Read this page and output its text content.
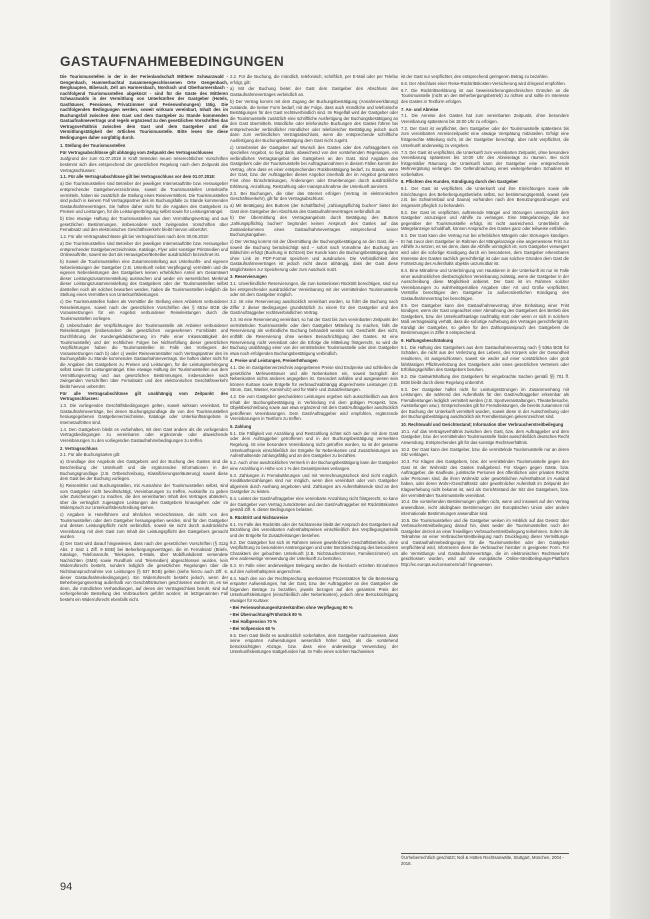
GASTAUFNAHMEBEDINGUNGEN

Die Tourismusstellen in der in der Ferienlandschaft Mittlerer Schwarzwald - Gengenbach, Hammerbachtal zusammengeschlossenen Orte Gengenbach, Berghaupten, Biberach, Zell am Harmersbach, Nordrach und Oberharmersbach - nachfolgend Tourismusstellen abgekürzt - sind für die Gäste des Mittleren Schwarzwalds in der Vermittlung von Unterkünften der Gastgeber (Hotels, Gasthäuser, Pensionen, Privatzimmer und Ferienwohnungen) tätig. Die nachfolgenden Bedingungen werden, soweit wirksam vereinbart, Inhalt des im Buchungsfall zwischen dem Gast und dem Gastgeber zu Stande kommenden Gastaufnahmevertrags und regeln ergänzend zu den gesetzlichen Vorschriften das Vertragsverhältnis zwischen dem Gast und dem Gastgeber und die Vermittlungstätigkeit der örtlichen Tourismusstelle. Bitte lesen Sie diese Bedingungen daher sorgfältig durch.

1. Stellung der Tourismusstellen

Für Vertragsabschlüsse gilt abhängig vom Zeitpunkt des Vertragsschlusses

Juafgrund der zum 01.07.2018 in Kraft tretenden neuen reiserechtlichen Vorschriften bestimmt sich dies entsprechend der gesetzlichen Regelung nach dem Zeitpunkt des Vertragsschlusses:

1.1. Für alle Vertragsabschlüsse gilt bei Vertragsschluss vor dem 01.07.2018:

a) Die Tourismusstellen sind Betreiber der jeweiligen Internetauftritte bzw. Herausgeber entsprechender Gastgeberverzeichnisse, soweit die Tourismusstellen Unterkünfte vermitteln, haben sie zusätzlich die Stellung eines Reisevermittlers. Die Tourismusstellen sind jedoch in keinem Fall Vertragspartner des im Buchungsfalle zu Stande kommenden Gastaufnahmevertrages. Sie haften daher nicht für die Angaben des Gastgebers zu Preisen und Leistungen, für die Leistungserbringung selbst sowie für Leistungsmängel.

b) Eine etwaige Haftung der Tourismusstellen aus dem Vermittlungsvertrag und aus gesetzlichen Bestimmungen, insbesondere nach zwingenden Vorschriften über Fernabsatz und den elektronischen Geschäftsverkehr bleibt hiervon unberührt.

1.2. Für alle Vertragsabschlüsse gilt bei Vertragsschluss nach dem 30.06.2018:

a) Die Tourismusstellen sind Betreiber der jeweiligen Internetauftritte bzw. Herausgeber entsprechender Gastgeberverzeichnisse, Kataloge, Flyer oder sonstiger Printmedien und Onlineauftritte, soweit sie dort als Herausgeber/Betreiber ausdrücklich bezeichnet ist.

b) Soweit die Tourismusstellen eine Zusammenstellung aus Unterkunfts- und eigenen Nebenleistungen der Gastgeber (z.B. Unterkunft nebst Verpflegung) vermitteln und die eigenen Nebenleistungen des Gastgebers keinen erheblichen Anteil am Gesamtwert dieser Leistungszusammenstellung ausmachen und weder ein wesentliches Merkmal dieser Leistungszusammenstellung des Gastgebers oder der Tourismusstellen selbst darstellen noch als solches beworben werden, haben die Tourismusstellen lediglich die Stellung eines Vermittlers von Unterkunftsleistungen.

c) Die Tourismusstellen haben als Vermittler die Stellung eines Anbieters verbundener Reiseleistungen, soweit nach der gesetzlichen Vorschriften des § 651w BGB die Voraussetzungen für ein Angebot verbundener Reiseleistungen durch die Tourismusstellen vorliegen.

d) Unbeschadet der Verpflichtungen der Tourismusstelle als Anbieter verbundener Reiseleistungen (insbesondere die gesetzlichen vorgesehenen Formblatts und Durchführung der Kundengeldabsicherung im Falle einer Inkassotätigkeit der Tourismusstelle) und der rechtlichen Folgen bei Nichterfüllung dieser gesetzlichen Verpflichtungen haben die Tourismusstellen im Falle des Vorliegens der Voraussetzungen nach b) oder c) weder Reiseveranstalter noch Vertragspartner des im Buchungsfalle zu Stande kommenden Gastaufnahmevertrags. Sie haften daher nicht für die Angaben des Gastgebers zu Preisen und Leistungen, für die Leistungserbringung selbst sowie für Leistungsmängel. Eine etwaige Haftung der Tourismusstellen aus dem Vermittlungsvertrag und aus gesetzlichen Bestimmungen, insbesondere nach zwingenden Vorschriften über Fernabsatz und den elektronischen Geschäftsverkehr bleibt hiervon unberührt.

Für alle Vertragsabschlüsse gilt unabhängig vom Zeitpunkt des Vertragsschlusses:

1.3. Die vorliegenden Geschäftsbedingungen gelten, soweit wirksam vereinbart, für Gastaufnahmeverträge, bei denen Buchungsgrundlage die von den Tourismusstellen herausgegebenen Gastgeberverzeichnisse, Kataloge oder Unterkunftsangebote in Internetauftritten sind.

1.4. Den Gastgebern bleibt es vorbehalten, mit dem Gast andere als die vorliegenden Vertragsbedingungen zu vereinbaren oder ergänzende oder abweichende Vereinbarungen zu den vorliegenden Gastaufnahmebedingungen zu treffen.

2. Vertragsschluss

2.1. Für alle Buchungsarten gilt:

a) Grundlage des Angebots des Gastgebers und der Buchung des Gastes sind die Beschreibung der Unterkunft und die ergänzenden Informationen in der Buchungsgrundlage (z.B. Ortbeschreibung, Klassifizierungserläuterung) soweit diese dem Gast bei der Buchung vorliegen.

b) Reisemittler und Buchungsstellen, mit Ausnahme der Tourismusstellen selbst, sind vom Gastgeber nicht bevollmächtigt, Vereinbarungen zu treffen, Auskünfte zu geben oder Zusicherungen zu machen, die den vereinbarten Inhalt des Vertrages abändern, über die vertraglich zugesagten Leistungen des Gastgebers hinausgehen oder im Widerspruch zur Unterkunftsbeschreibung stehen.

c) Angaben in Hotelführern und ähnlichen Verzeichnissen, die nicht von den Tourismusstellen oder dem Gastgeber herausgegeben werden, sind für den Gastgeber und dessen Leistungspflicht nicht verbindlich, soweit sie nicht durch ausdrückliche Vereinbarung mit dem Gast zum Inhalt der Leistungspflicht des Gastgebers gemacht wurden.

d) Der Gast wird darauf hingewiesen, dass nach den gesetzlichen Vorschriften (§ 312g Abs. 2 Satz 1 Ziff. 9 BGB) bei Beherbergungsverträgen, die im Fernabsatz (Briefe, Kataloge, Telefonanrufe, Telekopien, E-Mails, über Mobilfunkdienst versendete Nachrichten (SMS) sowie Rundfunk und Telemedien) abgeschlossen wurden, kein Widerrufsrecht besteht, sondern lediglich die gesetzlichen Regelungen über die Nichtinanspruchnahme von Leistungen (§ 537 BGB) gelten (siehe hierzu auch Ziff. 6. dieser Gastaufnahmebedingungen). Ein Widerrufsrecht besteht jedoch, wenn der Beherbergungsvertrag außerhalb von Geschäftsräumen geschlossen worden ist, es sei denn, die mündlichen Verhandlungen, auf denen der Vertragsschluss beruht, sind auf vorhergehende Bestellung des Verbrauchers geführt worden; im letztgenannten Fall besteht ein Widerrufsrecht ebenfalls nicht.

2.2. Für die Buchung, die mündlich, telefonisch, schriftlich, per E-Mail oder per Telefax erfolgt, gilt:

a) Mit der Buchung bietet der Gast dem Gastgeber den Abschluss des Gastaufnahmevertrages verbindlich an.

b) Der Vertrag kommt mit dem Zugang der Buchungsbestätigung (Annahmeerklärung) zustande, die keiner Form bedarf, mit der Folge, dass auch mündliche und telefonische Bestätigungen für den Gast rechtsverbindlich sind. Im Regelfall wird der Gastgeber oder die Tourismusstelle zusätzlich eine schriftliche Ausfertigung der Buchungsbestätigung an den Gast übermitteln. Mündliche oder telefonische Buchungen des Gastes führen bei entsprechender verbindlicher mündlicher oder telefonischer Bestätigung jedoch auch dann zum verbindlichen Vertragsabschluss, wenn die entsprechende schriftliche Ausfertigung der Buchungsbestätigung dem Gast nicht zugeht.

c) Unterbreitet der Gastgeber auf Wunsch des Gastes oder des Auftraggebers ein spezielles Angebot, so liegt darin, abweichend von den vorstehenden Regelungen, ein verbindliches Vertragsangebot des Gastgebers an den Gast. Sind Angaben des Gastgebers oder der Tourismusstelle bei Auftragsannahmen in diesem Fällen kommt der Vertrag, ohne dass es einer entsprechenden Rückbestätigung bedarf, zu Stande, wenn der Gast, bzw. der Auftraggeber dieses Angebot innerhalb der im Angebot genannten Frist ohne Einschränkungen, Änderungen oder Erweiterungen durch ausdrückliche Erklärung, Anzahlung, Restzahlung oder Inanspruchnahme der Unterkunft annimmt.

2.3. Bei Buchungen, die über das Internet erfolgen (Vertrag im elektronischen Geschäftsverkehr), gilt für den Vertragsabschluss:

a) Mit Betätigung des Buttons (der Schaltfläche) „zahlungspflichtig buchen“ bietet der Gast dem Gastgeber den Abschluss des Gastaufnahmevertrages verbindlich an.

b) Der Übermittlung des Vertragsangebots durch Betätigung des Buttons „zahlungspflichtig buchen“ begründet keinen Anspruch des Gastes auf das Zustandekommen eines Gastaufnahmevertrages entsprechend seiner Buchungsangaben.

c) Der Vertrag kommt mit der Übermittlung der Buchungsbestätigung an den Gast, die – soweit die Buchung berücksichtigt wird – sofort nach Vornahme der Buchung am Bildschirm erfolgt (Buchung in Echtzeit) Der Kunde kann die Buchungsbestätigung dann ohne Link im PDF-Format speichern und ausdrucken. Die Verbindlichkeit des Gastaufnahmevertrages ist jedoch nicht davon abhängig, dass der Gast diese Möglichkeiten zur Speicherung oder zum Ausdruck nutzt.

3. Reservierungen

3.1. Unverbindliche Reservierungen, die zum kostenlosen Rücktritt berechtigen, sind nur bei entsprechender ausdrücklicher Vereinbarung mit der vermittelnden Tourismusstelle oder mit dem Gastgeber möglich.

3.2. Ist eine Reservierung ausdrücklich vereinbart worden, so führt die Buchung nach Ziffer 2 dieser Bedingungen grundsätzlich zu einem für den Gastgeber und den Gast/Auftraggeber rechtsverbindlichen Vertrag.

3.3. Ist eine Reservierung vereinbart, so hat der Gast bis zum vereinbarten Zeitpunkt der vermittelnden Tourismusstelle oder dem Gastgeber Mitteilung zu machen, falls die Reservierung als verbindliche Buchung behandelt werden soll. Geschieht dies nicht, entfällt die Reservierung ohne weitere Benachrichtigung des Gastes. Ist eine Reservierung nicht vereinbart oder die Erfolge die Mitteilung fristgerecht, so wird die Buchung unabhängig einer von der vermittelnden Tourismusstelle oder dem Gastgeber etwa noch erfolgenden Buchungsbestätigung verbindlich.

4. Preise und Leistungen, Preiserhöhungen

4.1. Die im Gastgeberverzeichnis angegebenen Preise sind Endpreise und schließen die gesetzliche Mehrwertsteuer und alle Nebenkosten ein, soweit bezüglich der Nebenkosten nichts anderes angegeben ist. Gesondert anfallen und ausgewiesen sein können Kurtaxe sowie Entgelte für verbrauchsabhängig abgerechnete Leistungen (z.B. Strom, Gas, Wasser, Kaminholz) und für Wahl- und Zusatzleistungen.

4.2. Die vom Gastgeber geschuldeten Leistungen ergeben sich ausschließlich aus dem Inhalt der Buchungsbestätigung in Verbindung mit dem gültigen Prospekt, bzw. Objektbeschreibung sowie aus etwa ergänzend mit dem Gast/Auftraggeber ausdrücklich getroffenen Vereinbarungen. Dem Gast/Auftraggeber wird empfohlen, ergänzende Vereinbarungen in Textform zu treffen.

5. Zahlung

5.1. Die Fälligkeit von Anzahlung und Restzahlung richtet sich nach der mit dem Gast oder dem Auftraggeber getroffenen und in der Buchungsbestätigung vermerkten Regelung. Ist eine besondere Vereinbarung nicht getroffen worden, so ist der gesamte Unterkunftspreis einschließlich der Entgelte für Nebenkosten und Zusatzleistungen am Aufenthaltsende zahlungsfällig und an den Gastgeber zu bezahlen.

5.2. Auch ohne ausdrücklichen Vermerk in der Buchungsbestätigung kann der Gastgeber eine Anzahlung in Höhe von 1 % des Gesamtpreises verlangen.

5.3. Zahlungen in Fremdwährungen und mit Verrechnungsscheck sind nicht möglich. Kreditkartenzahlungen sind nur möglich, wenn dies vereinbart oder vom Gastgeber allgemein durch Aushang angeboten wird. Zahlungen am Aufenthaltsende sind an den Gastgeber zu leisten.

5.4. Leistet der Gast/Auftraggeber eine vereinbarte Anzahlung nicht fristgerecht, so kann der Gastgeber vom Vertrag zurücktreten und den Gast/Auftraggeber mit Rücktrittskosten gemäß Ziff. 6. dieser Bedingungen belasten.

6. Rücktritt und Nichtanreise

6.1. Im Falle des Rücktritts oder der Nichtanreise bleibt der Anspruch des Gastgebers auf Bezahlung des vereinbarten Aufenthaltspreises einschließlich des Verpflegungsanteils und der Entgelte für Zusatzleistungen bestehen.

6.2. Der Gastgeber hat sich im Rahmen seines gewöhnlichen Geschäftsbetriebs, ohne Verpflichtung zu besonderen Anstrengungen und unter Berücksichtigung des besonderen Charakters der gebuchten Unterkunft (z.B. Nichtraucherzimmer, Familienzimmer) um eine anderweitige Verwendung der Unterkunft zu bemühen.

6.3. Im Falle einer anderweitigen Belegung werden die hierdurch erzielten Einnahmen auf den Aufenthaltspreis angerechnet.

6.4. Nach den von der Rechtsprechung anerkannten Prozentsätzen für die Bemessung ersparter Aufwendungen, hat der Gast, bzw. der Auftraggeber an den Gastgeber die folgenden Beträge zu bezahlen, jeweils bezogen auf den gesamten Preis der Unterkunftsleistungen (einschließlich aller Nebenkosten), jedoch ohne Berücksichtigung etwaiger für Kurtaxe:

• Bei Ferienwohnungen/Unterkünften ohne Verpflegung 90 %

• Bei Übernachtung/Frühstück 80 %

• Bei Halbpension 70 %

• Bei Vollpension 60 %

6.5. Dem Gast bleibt es ausdrücklich vorbehalten, dem Gastgeber nachzuweisen, dass seine ersparten Aufwendungen wesentlich höher sind, als die vorstehend berücksichtigten Abzüge, bzw. dass eine anderweitige Verwendung der Unterkunftsleistungen stattgefunden hat. Im Falle eines solchen Nachweises

ist der Gast nur verpflichtet, den entsprechend geringeren Betrag zu bezahlen.

6.6. Der Abschluss einer Reise-Rücktrittskosten-Versicherung wird dringend empfohlen.

6.7. Die Rücktrittserklärung ist aus beweissicherungstechnischen Gründen an die Tourismusstelle (nicht an den Beherbergungsbetrieb) zu richten und sollte im Interesse des Gastes in Textform erfolgen.

7. An- und Abreise

7.1. Die Anreise des Gastes hat zum vereinbarten Zeitpunkt, ohne besondere Vereinbarung spätestens bis 18:00 Uhr zu erfolgen.

7.2. Der Gast ist verpflichtet, dem Gastgeber oder der Tourismusstelle spätestens bis zum vereinbarten Anreisezeitpunkt eine etwaige Verspätung mitzuteilen. Erfolgt eine fristgerechte Mitteilung nicht, ist der Gastgeber berechtigt, aber nicht verpflichtet, die Unterkunft anderweitig zu vergeben.

7.3. Der Gast ist verpflichtet, die Unterkunft zum vereinbarten Zeitpunkt, ohne besondere Vereinbarung spätestens bis 10:00 Uhr des Abreisetags zu räumen. Bei nicht fristgemäßer Räumung der Unterkunft kann der Gastgeber eine entsprechende Mehrvergütung verlangen. Die Geltendmachung eines weitergehenden Schadens ist vorbehalten.

8. Pflichten des Kunden, Kündigung durch den Gastgeber

8.1. Der Gast ist verpflichtet, die Unterkunft und ihre Einrichtungen sowie alle Einrichtungen des Beherbergungsbetriebs selbst, nur bestimmungsgemäß, soweit (wie z.B. bei Schwimmbad und Sauna) vorhanden nach den Benutzungsordnungen und insgesamt pfleglich zu behandeln.

8.2. Der Gast ist verpflichtet, auftretende Mängel und Störungen unverzüglich dem Gastgeber anzuzeigen und Abhilfe zu verlangen. Eine Mängelanzeige, die nur gegenüber der Tourismusstelle erfolgt, ist nicht ausreichend. Unterbleibt die Mängelanzeige schuldhaft, können Ansprüche des Gastes ganz oder teilweise entfallen.

8.3. Der Gast kann den Vertrag nur bei erheblichen Mängeln oder Störungen kündigen. Er hat zuvor dem Gastgeber im Rahmen der Mängelanzeige eine angemessene Frist zur Abhilfe zu setzen, es sei denn, dass die Abhilfe unmöglich ist, vom Gastgeber verweigert wird oder die sofortige Kündigung durch ein besonderes, dem Gastgeber erkennbares Interesse des Gastes sachlich gerechtfertigt ist oder aus solchen Gründen dem Gast die Fortsetzung des Aufenthalts objektiv unzumutbar ist.

8.4. Eine Mitnahme und Unterbringung von Haustieren in der Unterkunft ist nur im Falle einer ausdrücklichen diesbezüglichen Vereinbarung zulässig, wenn der Gastgeber in der Ausschreibung diese Möglichkeit anbietet. Der Gast ist im Rahmen solcher Vereinbarungen zu wahrheitsgemäßen Angaben über Art und Größe verpflichtet. Verstöße berechtigen den Gastgeber zu außerordentlichen Kündigung des Gastaufnahmevertrag bei berechtigen.

8.5. Der Gastgeber kann den Gastaufnahmevertrag ohne Einhaltung einer Frist kündigen, wenn der Gast ungeachtet einer Abmahnung des Gastgebers den Betrieb des Gastgebers, bzw. der Unterkunftsanlage nachhaltig stört oder wenn er sich in solchem Maß vertragswidrig verhält, dass die sofortige Aufhebung des Vertrages gerechtfertigt ist. Kündigt der Gastgeber, so gelten für den Zahlungsanspruch des Gastgebers die Bestimmungen in Ziffer 6 entsprechend.

9. Haftungsbeschränkung

9.1. Die Haftung des Gastgebers aus dem Gastaufnahmevertrag nach § 536a BGB für Schäden, die nicht aus der Verletzung des Lebens, des Körpers oder der Gesundheit resultieren, ist ausgeschlossen, soweit sie weder auf einer vorsätzlichen oder grob fahrlässigen Pflichtverletzung des Gastgebers oder eines gesetzlichen Vertreters oder Erfüllungsgehilfen des Gastgebers beruhen.

9.2. Die Gastwirtshaftung des Gastgebers für eingebrachte Sachen gemäß §§ 701 ff. BGB bleibt durch diese Regelung unberührt.

9.3. Der Gastgeber haftet nicht für Leistungsstörungen im Zusammenhang mit Leistungen, die während des Aufenthalts für den Gast/Auftraggeber erkennbar als Fremdleistungen lediglich vermittelt werden (z.B. Sportveranstaltungen, Theaterbesuche, Ausstellungen usw.). Entsprechendes gilt für Fremdleistungen, die bereits zusammen mit der Buchung der Unterkunft vermittelt wurden, soweit diese in der Ausschreibung oder der Buchungsbestätigung ausdrücklich als Fremdleistungen gekennzeichnet sind.

10. Rechtswahl und Gerichtsstand; Information über Verbraucherstreitbeilegung

10.1. Auf das Vertragsverhältnis zwischen dem Gast, bzw. dem Auftraggeber und dem Gastgeber, bzw. der vermittelnden Tourismusstelle findet ausschließlich deutsches Recht Anwendung. Entsprechendes gilt für das sonstige Rechtsverhältnis.

10.2. Der Gast kann den Gastgeber, bzw. die vermittelnde Tourismusstelle nur an deren Sitz verklagen.

10.3. Für Klagen des Gastgebers, bzw. der vermittelnden Tourismusstelle gegen den Gast ist der Wohnsitz des Gastes maßgebend. Für Klagen gegen Gäste, bzw. Auftraggeber, die Kaufleute, juristische Personen des öffentlichen oder privaten Rechts oder Personen sind, die ihren Wohnsitz oder gewöhnlichen Aufenthaltsort im Ausland haben, oder deren Wohn-/Geschäftssitz oder gewöhnlicher Aufenthalt im Zeitpunkt der Klageerhebung nicht bekannt ist, wird als Gerichtsstand der Sitz des Gastgebers, bzw. der vermittelnden Tourismusstelle vereinbart.

10.4. Die vorstehenden Bestimmungen gelten nicht, wenn und insoweit auf den Vertrag anwendbare, nicht abdingbare Bestimmungen der Europäischen Union oder andere internationale Bestimmungen anwendbar sind.

10.5. Die Tourismusstellen und die Gastgeber weisen im Hinblick auf das Gesetz über Verbraucherstreitbeilegung darauf hin, dass weder die Tourismusstellen noch der Gastgeber derzeit an einer freiwilligen Verbraucherstreitbeilegung teilnehmen. Sofern die Teilnahme an einer Verbraucherstreitbeilegung nach Drucklegung dieser Vermittlungs- und Gastaufnahmebedingungen für die Tourismusstellen oder den Gastgeber verpflichtend wird, informieren diese die Verbraucher hierüber in geeigneter Form. Für alle Vermittlungs- und Gastaufnahmeverträge, die im elektronischen Rechtsverkehr geschlossen wurden, wird auf die europäische Online-Streitbeilegungs-Plattform http://ec.europa.eu/consumers/odr/ hingewiesen.

©Urheberrechtlich geschützt; Noll & Hütten Rechtsanwälte, Stuttgart, München, 2004 - 2018.
94
